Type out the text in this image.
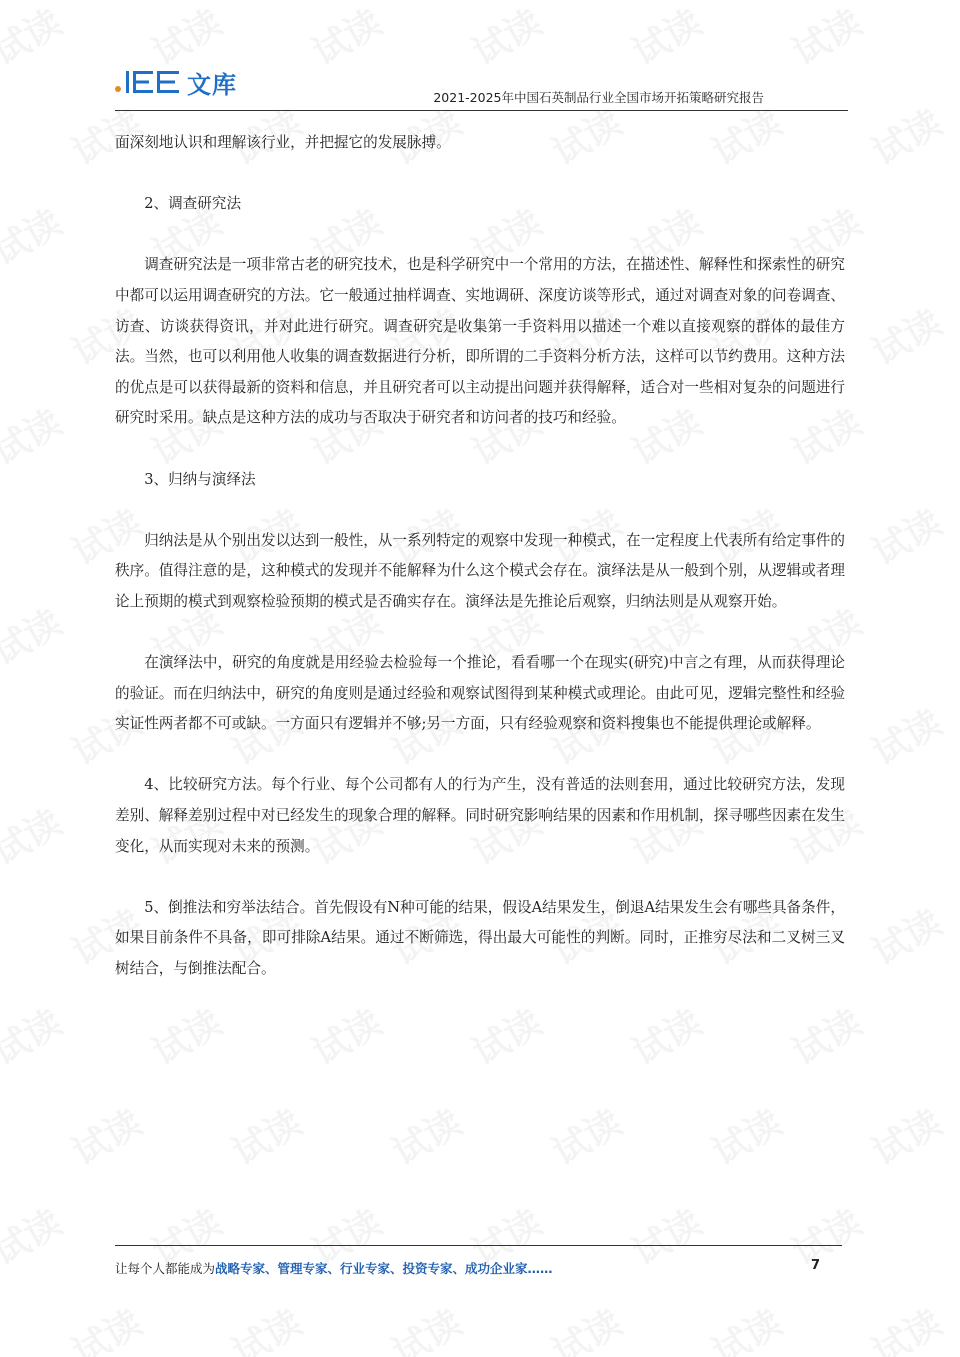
文库	2021-2025年中国石英制品行业全国市场开拓策略研究报告

面深刻地认识和理解该行业，并把握它的发展脉搏。

2、调查研究法

调查研究法是一项非常古老的研究技术，也是科学研究中一个常用的方法，在描述性、解释性和探索性的研究中都可以运用调查研究的方法。它一般通过抽样调查、实地调研、深度访谈等形式，通过对调查对象的问卷调查、访查、访谈获得资讯，并对此进行研究。调查研究是收集第一手资料用以描述一个难以直接观察的群体的最佳方法。当然，也可以利用他人收集的调查数据进行分析，即所谓的二手资料分析方法，这样可以节约费用。这种方法的优点是可以获得最新的资料和信息，并且研究者可以主动提出问题并获得解释，适合对一些相对复杂的问题进行研究时采用。缺点是这种方法的成功与否取决于研究者和访问者的技巧和经验。

3、归纳与演绎法

归纳法是从个别出发以达到一般性，从一系列特定的观察中发现一种模式，在一定程度上代表所有给定事件的秩序。值得注意的是，这种模式的发现并不能解释为什么这个模式会存在。演绎法是从一般到个别，从逻辑或者理论上预期的模式到观察检验预期的模式是否确实存在。演绎法是先推论后观察，归纳法则是从观察开始。

在演绎法中，研究的角度就是用经验去检验每一个推论，看看哪一个在现实(研究)中言之有理，从而获得理论的验证。而在归纳法中，研究的角度则是通过经验和观察试图得到某种模式或理论。由此可见，逻辑完整性和经验实证性两者都不可或缺。一方面只有逻辑并不够;另一方面，只有经验观察和资料搜集也不能提供理论或解释。

4、比较研究方法。每个行业、每个公司都有人的行为产生，没有普适的法则套用，通过比较研究方法，发现差别、解释差别过程中对已经发生的现象合理的解释。同时研究影响结果的因素和作用机制，探寻哪些因素在发生变化，从而实现对未来的预测。

5、倒推法和穷举法结合。首先假设有N种可能的结果，假设A结果发生，倒退A结果发生会有哪些具备条件，如果目前条件不具备，即可排除A结果。通过不断筛选，得出最大可能性的判断。同时，正推穷尽法和二叉树三叉树结合，与倒推法配合。

让每个人都能成为战略专家、管理专家、行业专家、投资专家、成功企业家……	7
